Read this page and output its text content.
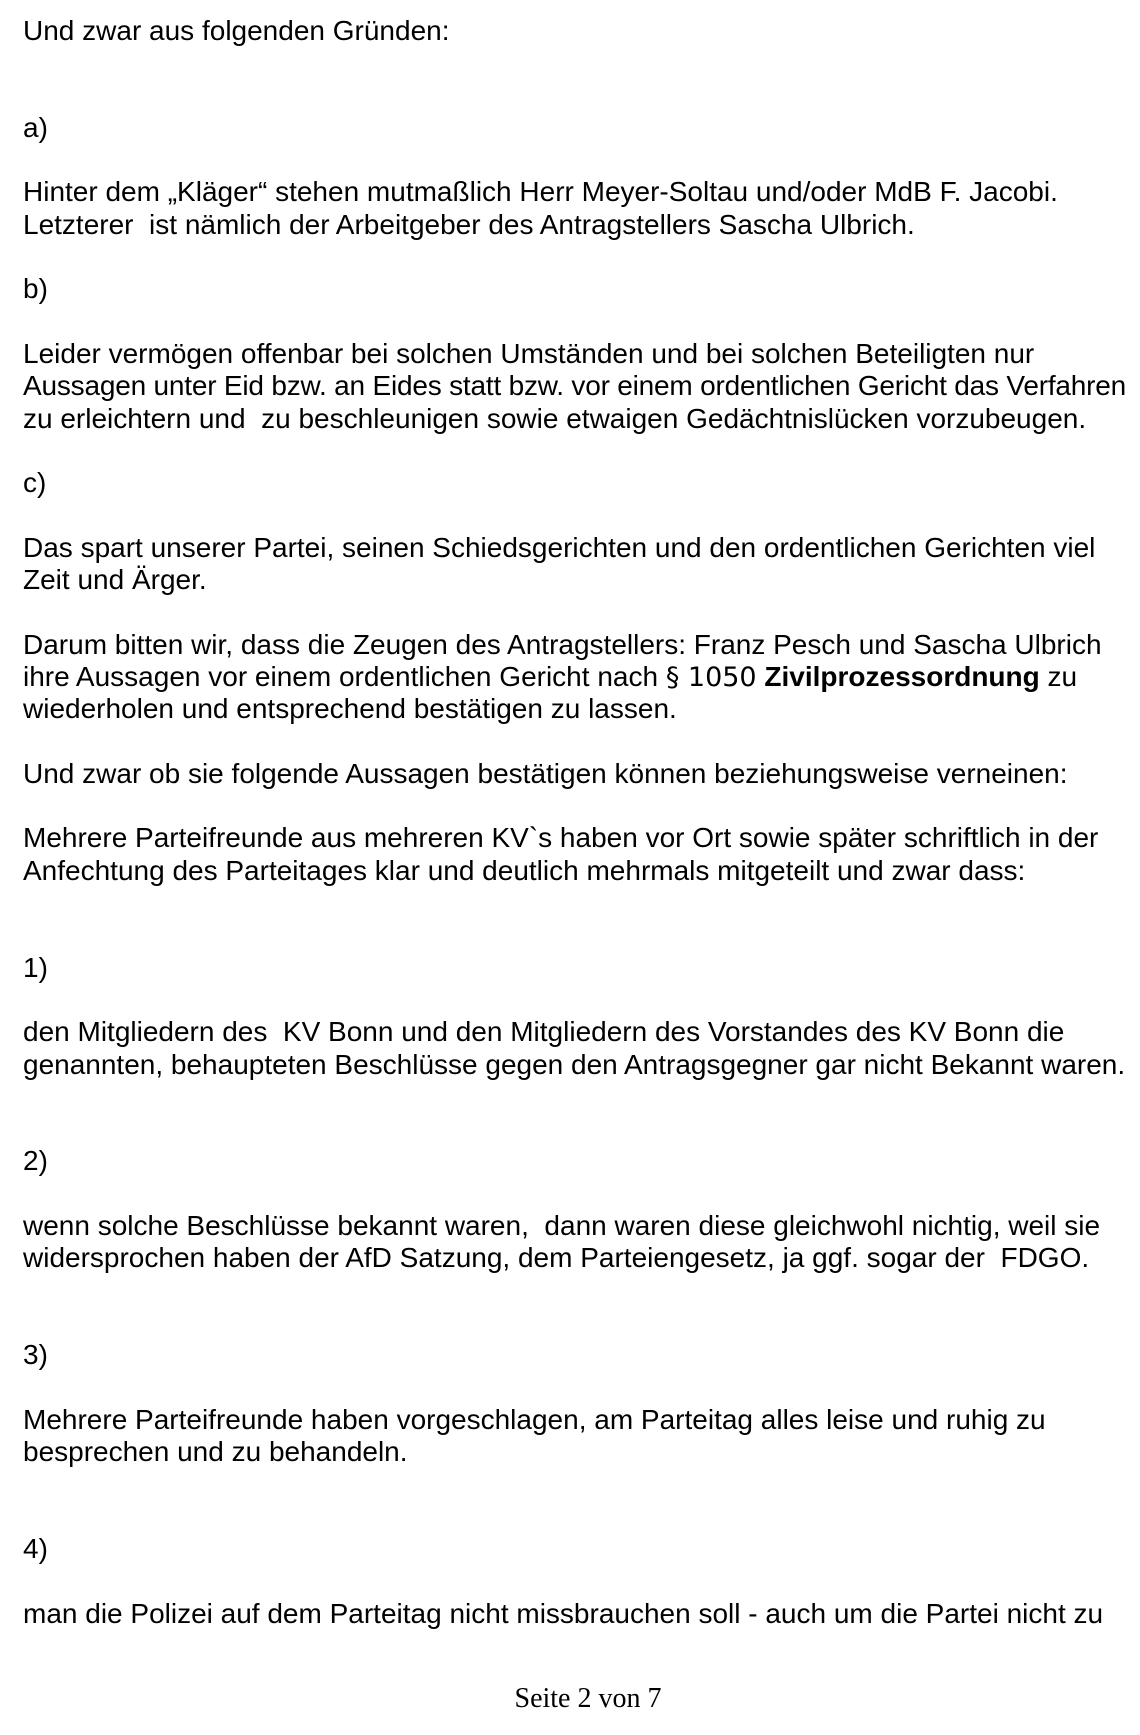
Und zwar aus folgenden Gründen:
a)
Hinter dem „Kläger“ stehen mutmaßlich Herr Meyer-Soltau und/oder MdB F. Jacobi.
Letzterer  ist nämlich der Arbeitgeber des Antragstellers Sascha Ulbrich.
b)
Leider vermögen offenbar bei solchen Umständen und bei solchen Beteiligten nur
Aussagen unter Eid bzw. an Eides statt bzw. vor einem ordentlichen Gericht das Verfahren
zu erleichtern und  zu beschleunigen sowie etwaigen Gedächtnislücken vorzubeugen.
c)
Das spart unserer Partei, seinen Schiedsgerichten und den ordentlichen Gerichten viel
Zeit und Ärger.
Darum bitten wir, dass die Zeugen des Antragstellers: Franz Pesch und Sascha Ulbrich
ihre Aussagen vor einem ordentlichen Gericht nach § 1050 Zivilprozessordnung zu
wiederholen und entsprechend bestätigen zu lassen.
Und zwar ob sie folgende Aussagen bestätigen können beziehungsweise verneinen:
Mehrere Parteifreunde aus mehreren KV`s haben vor Ort sowie später schriftlich in der
Anfechtung des Parteitages klar und deutlich mehrmals mitgeteilt und zwar dass:
1)
den Mitgliedern des  KV Bonn und den Mitgliedern des Vorstandes des KV Bonn die
genannten, behaupteten Beschlüsse gegen den Antragsgegner gar nicht Bekannt waren.
2)
wenn solche Beschlüsse bekannt waren,  dann waren diese gleichwohl nichtig, weil sie
widersprochen haben der AfD Satzung, dem Parteiengesetz, ja ggf. sogar der  FDGO.
3)
Mehrere Parteifreunde haben vorgeschlagen, am Parteitag alles leise und ruhig zu
besprechen und zu behandeln.
4)
man die Polizei auf dem Parteitag nicht missbrauchen soll - auch um die Partei nicht zu
Seite 2 von 7
